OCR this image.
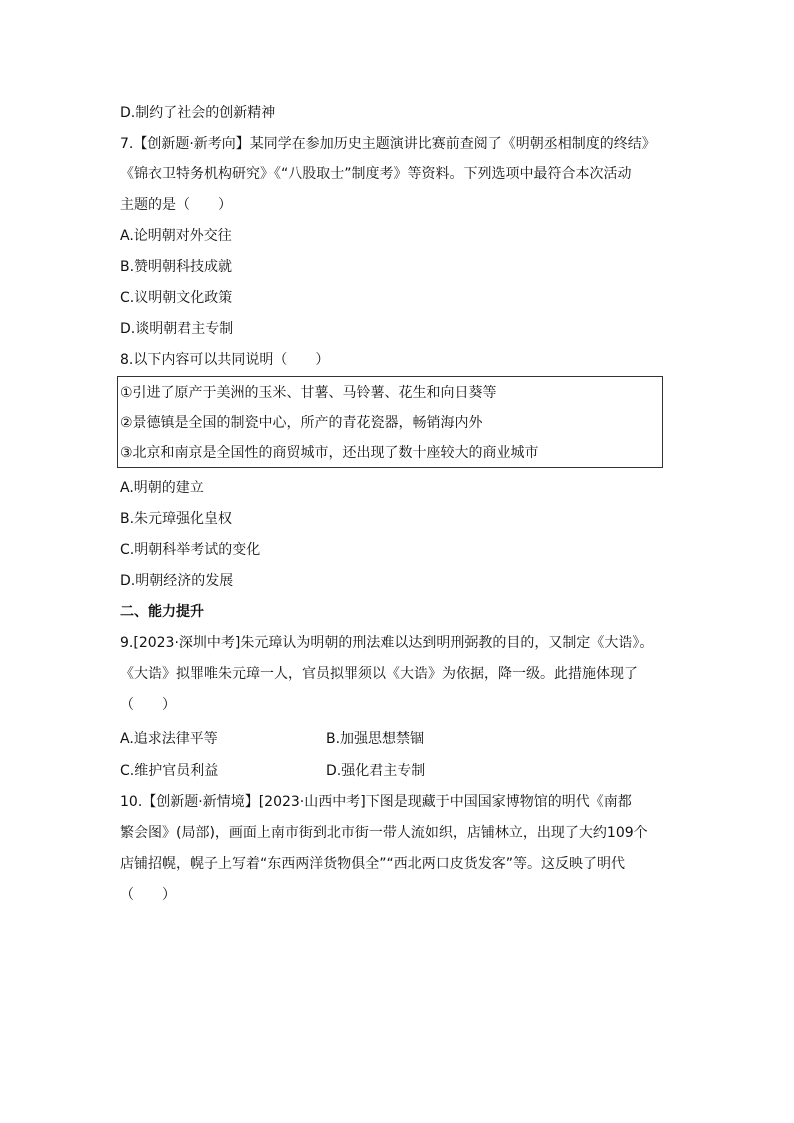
D.制约了社会的创新精神
7.【创新题·新考向】某同学在参加历史主题演讲比赛前查阅了《明朝丞相制度的终结》
《锦衣卫特务机构研究》《“八股取士”制度考》等资料。下列选项中最符合本次活动
主题的是（　　）
A.论明朝对外交往
B.赞明朝科技成就
C.议明朝文化政策
D.谈明朝君主专制
8.以下内容可以共同说明（　　）
①引进了原产于美洲的玉米、甘薯、马铃薯、花生和向日葵等
②景德镇是全国的制瓷中心，所产的青花瓷器，畅销海内外
③北京和南京是全国性的商贸城市，还出现了数十座较大的商业城市
A.明朝的建立
B.朱元璋强化皇权
C.明朝科举考试的变化
D.明朝经济的发展
二、能力提升
9.[2023·深圳中考]朱元璋认为明朝的刑法难以达到明刑弼教的目的，又制定《大诰》。
《大诰》拟罪唯朱元璋一人，官员拟罪须以《大诰》为依据，降一级。此措施体现了
（　　）
A.追求法律平等	B.加强思想禁锢
C.维护官员利益	D.强化君主专制
10.【创新题·新情境】[2023·山西中考]下图是现藏于中国国家博物馆的明代《南都
繁会图》(局部)，画面上南市街到北市街一带人流如织，店铺林立，出现了大约109个
店铺招幌，幌子上写着“东西两洋货物俱全”“西北两口皮货发客”等。这反映了明代
（　　）
